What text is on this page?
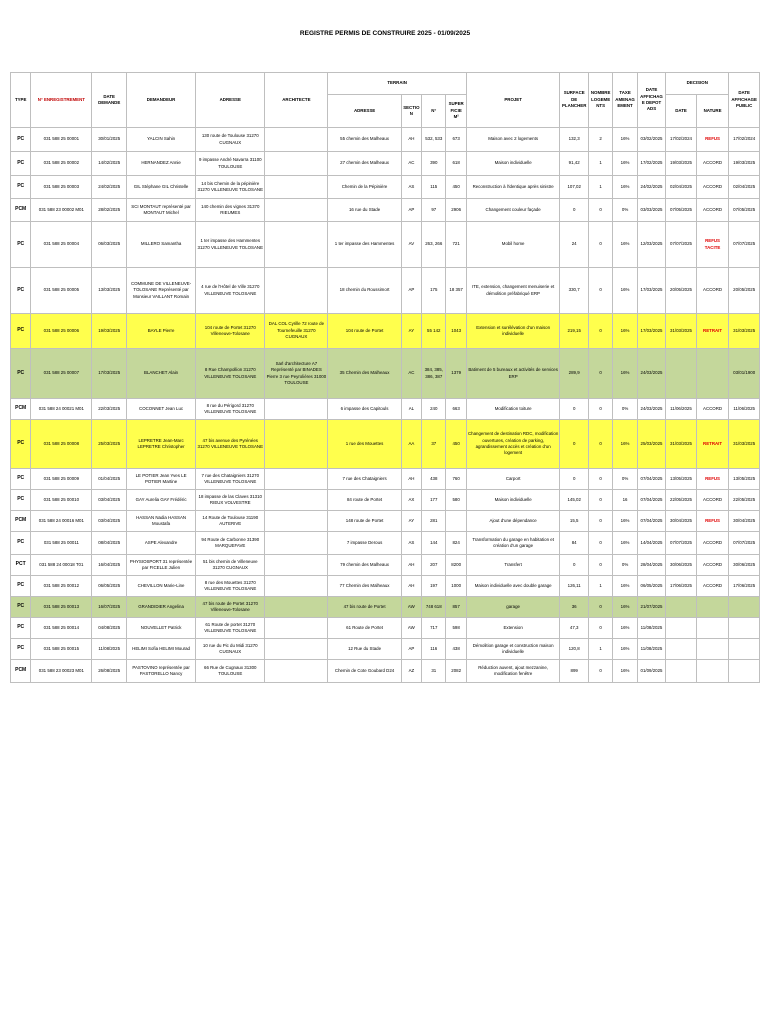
REGISTRE PERMIS DE CONSTRUIRE 2025 - 01/09/2025
TYPE	N° ENREGISTREMENT	DATE DEMANDE	DEMANDEUR	ADRESSE	ARCHITECTE	TERRAIN				PROJET	SURFACE DE PLANCHER	NOMBRE LOGEMENTS	TAXE AMENAGEMENT	DATE AFFICHAGE DEPOT ADS	DECISION		DATE AFFICHAGE PUBLIC
						ADRESSE	SECTION	N°	SUPERFICIE M²						DATE	NATURE	

PC	031 588 25 00001	30/01/2025	YALCIN Sahin	130 route de Toulouse 31270 CUGNAUX		55 chemin des Malheaux	AH	532, 533	673	Maison avec 2 logements	132,3	2	16%	03/02/2025	17/02/2024	REFUS	17/02/2024
PC	031 588 25 00002	14/02/2025	HERNANDEZ Annie	9 impasse André Navarra 31100 TOULOUSE		27 chemin des Malheaux	AC	390	618	Maison individuelle	91,42	1	16%	17/02/2025	19/03/2025	ACCORD	19/03/2025
PC	031 588 25 00003	24/02/2025	GIL Stéphane GIL Christelle	14 bis Chemin de la pépinière 31270 VILLENEUVE TOLOSANE		Chemin de la Pépinière	AS	115	450	Reconstruction à l'identique après sinistre	107,02	1	16%	24/02/2025	02/04/2025	ACCORD	02/04/2025
PCM	031 588 23 00002 M01	28/02/2025	SCI MONTAUT représenté par MONTAUT Michel	140 chemin des vignes 31370 RIEUMES		16 rue du Stade	AP	97	2906	Changement couleur façade	0	0	0%	03/03/2025	07/05/2025	ACCORD	07/05/2025
PC	031 588 25 00004	06/03/2025	MILLERO Samantha	1 ter impasse des Hammentes 31270 VILLENEUVE TOLOSANE		1 ter impasse des Hammentes	AV	263, 266	721	Mobil home	24	0	16%	12/03/2025	07/07/2025	REFUS TACITE	07/07/2025
PC	031 588 25 00005	13/03/2025	COMMUNE DE VILLENEUVE-TOLOSANE Représenté par Monsieur VAILLANT Romain	4 rue de l'Hôtel de Ville 31270 VILLENEUVE TOLOSANE		18 chemin du Roussimort	AP	175	18 357	ITE, extension, changement menuiserie et démolition préfabriqué ERP	330,7	0	16%	17/03/2025	20/05/2025	ACCORD	20/05/2025
PC	031 588 25 00006	19/03/2025	BAYLE Pierre	104 route de Portet 31270 Villeneuve-Tolosane	DAL COL Cyrille 72 route de Tournefeuille 31270 CUGNAUX	104 route de Portet	AY	55 142	1043	Extension et surélévation d'un maison individuelle	219,15	0	16%	17/03/2025	31/03/2025	RETRAIT	31/03/2025
PC	031 588 25 00007	17/03/2025	BLANCHET Alain	8 Rue Champollion 31270 VILLENEUVE TOLOSANE	Sarl d'architecture A7 Représenté par BINADES Pierre 3 rue Peyrolières 31000 TOULOUSE	35 Chemin des Malheaux	AC	384, 385, 386, 387	1379	Batiment de 5 bureaux et activités de services ERP	289,9	0	16%	24/03/2025			03/01/1900
PCM	031 588 24 00021 M01	22/03/2025	COCONNET Jean Luc	8 rue du Périgord 31270 VILLENEUVE TOLOSANE		6 impasse des Capitouls	AL	240	663	Modification toiture	0	0	0%	24/03/2025	11/06/2025	ACCORD	11/06/2025
PC	031 588 25 00008	25/03/2025	LEPRETRE Jean-Marc LEPRETRE Christopher	47 bis avenue des Pyrénées 31270 VILLENEUVE TOLOSANE		1 rue des Mouettes	AA	37	450	Changement de destination RDC, modification ouvertures, création de parking, agrandissement accès et création d'un logement	0	0	16%	25/03/2025	31/03/2025	RETRAIT	31/03/2025
PC	031 588 25 00009	01/04/2025	LE POTIER Jean Yves LE POTIER Martine	7 rue des Chataigniers 31270 VILLENEUVE TOLOSANE		7 rue des Chataigniers	AH	438	760	Carport	0	0	0%	07/04/2025	13/05/2025	REFUS	13/05/2025
PC	031 588 25 00010	03/04/2025	GAY Aurelia GAY Frédéric	18 impasse de las Claves 31310 RIEUX VOLVESTRE		84 route de Portet	AX	177	580	Maison individuelle	145,02	0	16	07/04/2025	22/05/2025	ACCORD	22/05/2025
PCM	031 588 24 00016 M01	03/04/2025	HASSAN Nadia HASSAN Moustafa	14 Route de Toulouse 31190 AUTERIVE		148 route de Portet	AY	281		Ajout d'une dépendance	15,5	0	16%	07/04/2025	30/04/2025	REFUS	30/04/2025
PC	031 588 25 00011	08/04/2025	ASPE Alexandre	94 Route de Carbonne 31390 MARQUEFAVE		7 impasse Derous	AS	144	824	Transformation du garage en habitation et création d'un garage	84	0	16%	14/04/2025	07/07/2025	ACCORD	07/07/2025
PCT	031 588 24 00018 T01	16/04/2025	PHYSIOSPORT 31 représentée par FICELLE Julien	51 bis chemin de Villeneuve 31270 CUGNAUX		79 chemin des Malheaux	AH	207	8200	Transfert	0	0	0%	28/04/2025	30/06/2025	ACCORD	30/06/2025
PC	031 588 25 00012	06/05/2025	CHEVILLON Marie-Line	8 rue des Mouettes 31270 VILLENEUVE TOLOSANE		77 Chemin des Malheaux	AH	197	1000	Maison individuelle avec double garage	126,11	1	16%	06/05/2025	17/06/2025	ACCORD	17/06/2025
PC	031 588 25 00013	16/07/2025	GRANDIDIER Angelina	47 bis route de Portet 31270 Villeneuve-Tolosane		47 bis route de Portet	AW	748 618	857	garage	36	0	16%	21/07/2025			
PC	031 588 25 00014	04/08/2025	NOUVELLET Patrick	61 Route de portet 31270 VILLENEUVE TOLOSANE		61 Route de Portet	AW	717	598	Extension	47,3	0	16%	11/08/2025			
PC	031 588 25 00015	11/08/2025	HELIMI Sofia HELIMI Mourad	10 rue du Pic du Midi 31270 CUGNAUX		12 Rue du Stade	AP	116	438	Démolition garage et construction maison individuelle	120,8	1	16%	11/08/2025			
PCM	031 588 23 00023 M01	26/08/2025	PASTOVINO représentée par PASTORELLO Nancy	66 Rue de Cugnaux 31300 TOULOUSE		Chemin de Cote Goubard D24	AZ	31	2082	Réduction auvent, ajout mezzanine, modification fenêtre	899	0	16%	01/09/2025			
